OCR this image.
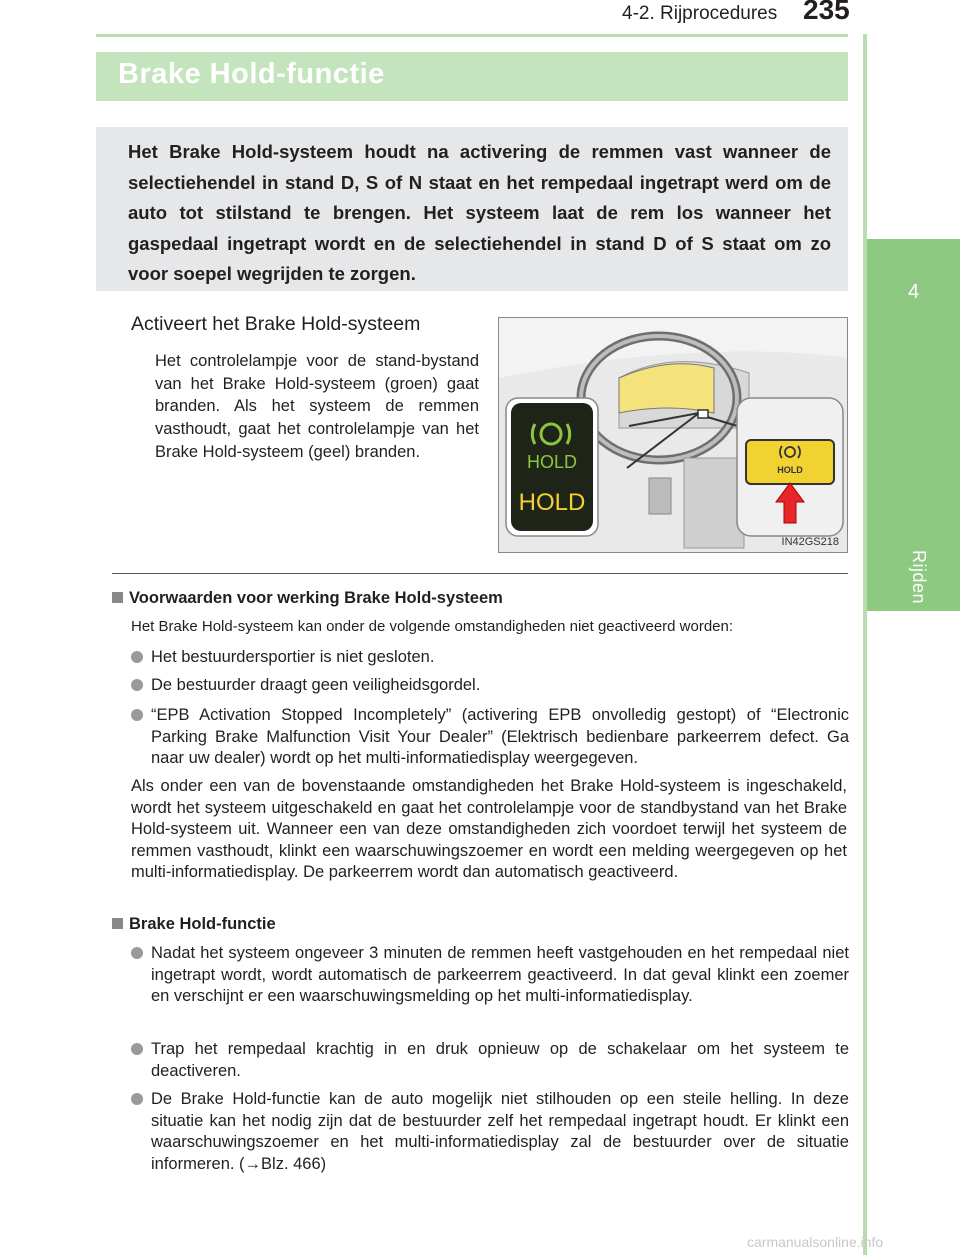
4-2. Rijprocedures 235
4
Rijden
Brake Hold-functie

Het Brake Hold-systeem houdt na activering de remmen vast wanneer de selectiehendel in stand D, S of N staat en het rempedaal ingetrapt werd om de auto tot stilstand te brengen. Het systeem laat de rem los wanneer het gaspedaal ingetrapt wordt en de selectiehendel in stand D of S staat om zo voor soepel wegrijden te zorgen.

Activeert het Brake Hold-systeem

Het controlelampje voor de stand-bystand van het Brake Hold-systeem (groen) gaat branden. Als het systeem de remmen vasthoudt, gaat het controlelampje van het Brake Hold-systeem (geel) branden.

HOLD
HOLD
HOLD
IN42GS218

Voorwaarden voor werking Brake Hold-systeem

Het Brake Hold-systeem kan onder de volgende omstandigheden niet geactiveerd worden:

Het bestuurdersportier is niet gesloten.

De bestuurder draagt geen veiligheidsgordel.

“EPB Activation Stopped Incompletely” (activering EPB onvolledig gestopt) of “Electronic Parking Brake Malfunction Visit Your Dealer” (Elektrisch bedienbare parkeerrem defect. Ga naar uw dealer) wordt op het multi-informatiedisplay weergegeven.

Als onder een van de bovenstaande omstandigheden het Brake Hold-systeem is ingeschakeld, wordt het systeem uitgeschakeld en gaat het controlelampje voor de standbystand van het Brake Hold-systeem uit. Wanneer een van deze omstandigheden zich voordoet terwijl het systeem de remmen vasthoudt, klinkt een waarschuwingszoemer en wordt een melding weergegeven op het multi-informatiedisplay. De parkeerrem wordt dan automatisch geactiveerd.

Brake Hold-functie

Nadat het systeem ongeveer 3 minuten de remmen heeft vastgehouden en het rempedaal niet ingetrapt wordt, wordt automatisch de parkeerrem geactiveerd. In dat geval klinkt een zoemer en verschijnt er een waarschuwingsmelding op het multi-informatiedisplay.

Trap het rempedaal krachtig in en druk opnieuw op de schakelaar om het systeem te deactiveren.

De Brake Hold-functie kan de auto mogelijk niet stilhouden op een steile helling. In deze situatie kan het nodig zijn dat de bestuurder zelf het rempedaal ingetrapt houdt. Er klinkt een waarschuwingszoemer en het multi-informatiedisplay zal de bestuurder over de situatie informeren. (→Blz. 466)

carmanualsonline.info
